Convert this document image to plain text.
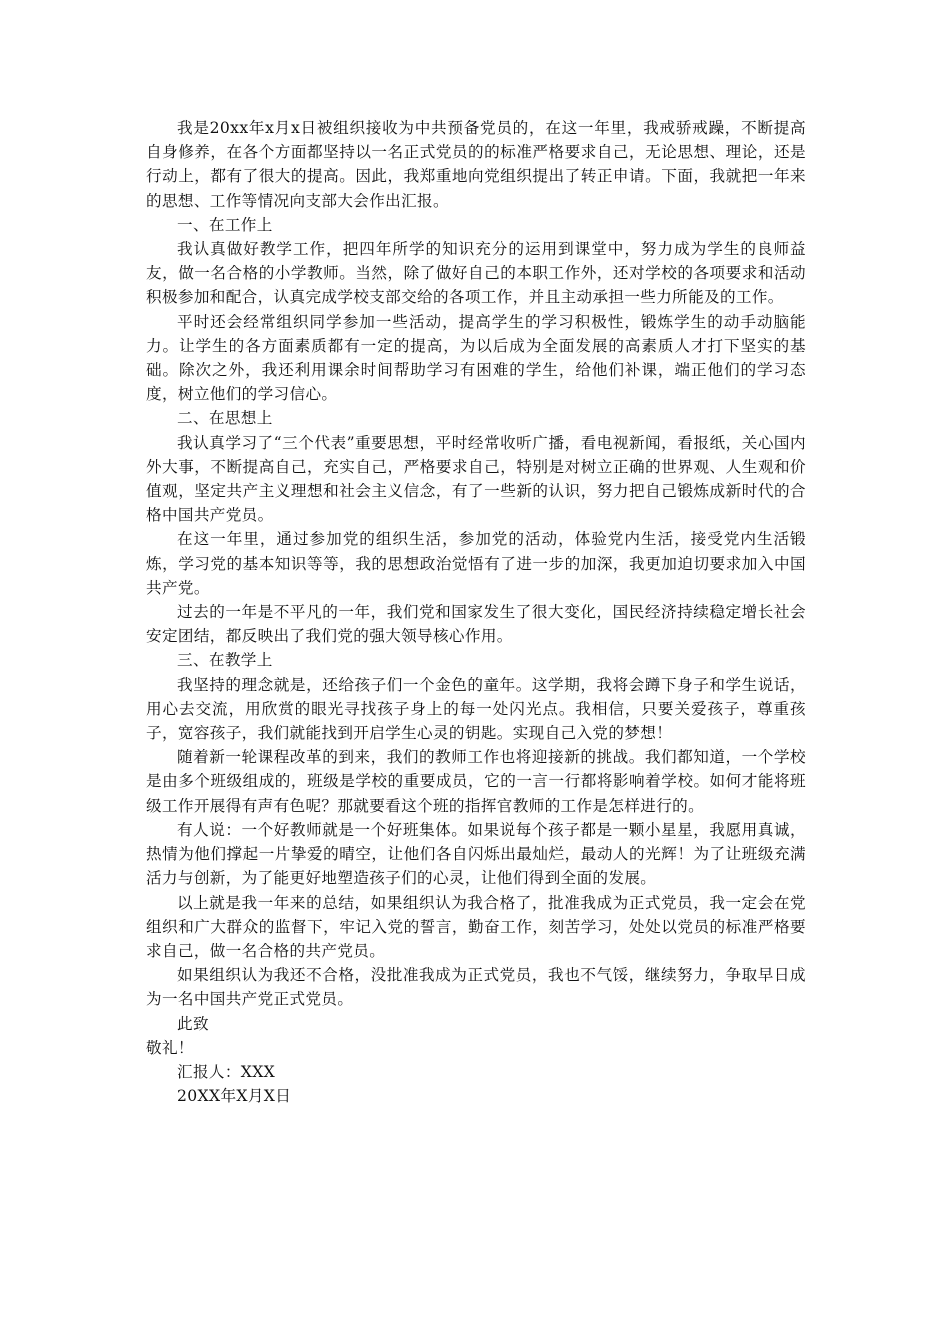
我是20xx年x月x日被组织接收为中共预备党员的，在这一年里，我戒骄戒躁，不断提高自身修养，在各个方面都坚持以一名正式党员的的标准严格要求自己，无论思想、理论，还是行动上，都有了很大的提高。因此，我郑重地向党组织提出了转正申请。下面，我就把一年来的思想、工作等情况向支部大会作出汇报。

一、在工作上

我认真做好教学工作，把四年所学的知识充分的运用到课堂中，努力成为学生的良师益友，做一名合格的小学教师。当然，除了做好自己的本职工作外，还对学校的各项要求和活动积极参加和配合，认真完成学校支部交给的各项工作，并且主动承担一些力所能及的工作。

平时还会经常组织同学参加一些活动，提高学生的学习积极性，锻炼学生的动手动脑能力。让学生的各方面素质都有一定的提高，为以后成为全面发展的高素质人才打下坚实的基础。除次之外，我还利用课余时间帮助学习有困难的学生，给他们补课，端正他们的学习态度，树立他们的学习信心。

二、在思想上

我认真学习了“三个代表”重要思想，平时经常收听广播，看电视新闻，看报纸，关心国内外大事，不断提高自己，充实自己，严格要求自己，特别是对树立正确的世界观、人生观和价值观，坚定共产主义理想和社会主义信念，有了一些新的认识，努力把自己锻炼成新时代的合格中国共产党员。

在这一年里，通过参加党的组织生活，参加党的活动，体验党内生活，接受党内生活锻炼，学习党的基本知识等等，我的思想政治觉悟有了进一步的加深，我更加迫切要求加入中国共产党。

过去的一年是不平凡的一年，我们党和国家发生了很大变化，国民经济持续稳定增长社会安定团结，都反映出了我们党的强大领导核心作用。

三、在教学上

我坚持的理念就是，还给孩子们一个金色的童年。这学期，我将会蹲下身子和学生说话，用心去交流，用欣赏的眼光寻找孩子身上的每一处闪光点。我相信，只要关爱孩子，尊重孩子，宽容孩子，我们就能找到开启学生心灵的钥匙。实现自己入党的梦想！

随着新一轮课程改革的到来，我们的教师工作也将迎接新的挑战。我们都知道，一个学校是由多个班级组成的，班级是学校的重要成员，它的一言一行都将影响着学校。如何才能将班级工作开展得有声有色呢？那就要看这个班的指挥官教师的工作是怎样进行的。

有人说：一个好教师就是一个好班集体。如果说每个孩子都是一颗小星星，我愿用真诚，热情为他们撑起一片挚爱的晴空，让他们各自闪烁出最灿烂，最动人的光辉！为了让班级充满活力与创新，为了能更好地塑造孩子们的心灵，让他们得到全面的发展。

以上就是我一年来的总结，如果组织认为我合格了，批准我成为正式党员，我一定会在党组织和广大群众的监督下，牢记入党的誓言，勤奋工作，刻苦学习，处处以党员的标准严格要求自己，做一名合格的共产党员。

如果组织认为我还不合格，没批准我成为正式党员，我也不气馁，继续努力，争取早日成为一名中国共产党正式党员。

此致

敬礼！

汇报人：XXX

20XX年X月X日
